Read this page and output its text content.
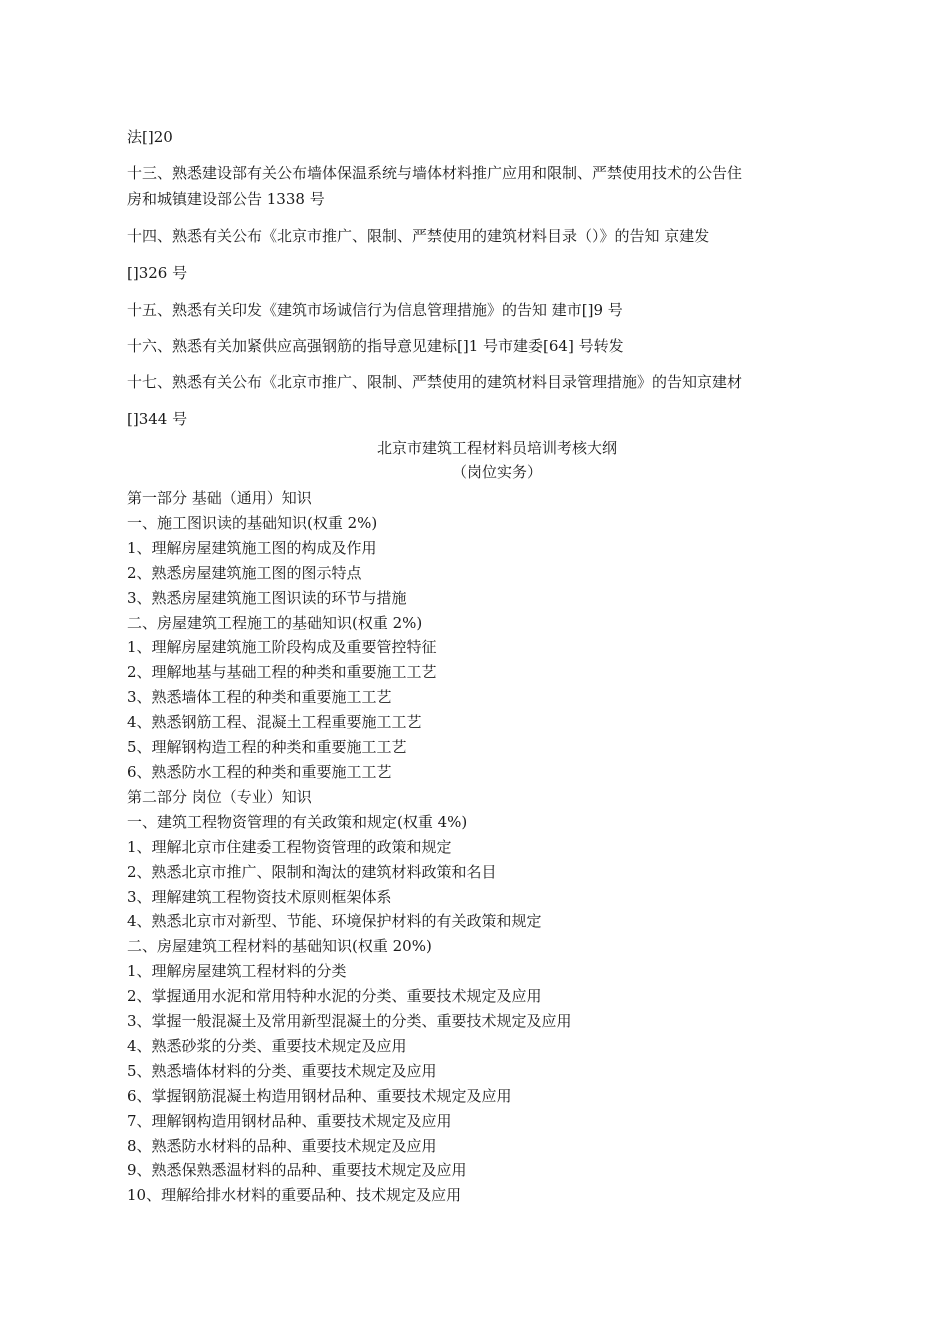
法[]20

十三、熟悉建设部有关公布墙体保温系统与墙体材料推广应用和限制、严禁使用技术的公告住

房和城镇建设部公告 1338 号

十四、熟悉有关公布《北京市推广、限制、严禁使用的建筑材料目录（）》的告知 京建发

[]326 号

十五、熟悉有关印发《建筑市场诚信行为信息管理措施》的告知 建市[]9 号

十六、熟悉有关加紧供应高强钢筋的指导意见建标[]1 号市建委[64] 号转发

十七、熟悉有关公布《北京市推广、限制、严禁使用的建筑材料目录管理措施》的告知京建材

[]344 号

北京市建筑工程材料员培训考核大纲

（岗位实务）

第一部分 基础（通用）知识

一、施工图识读的基础知识(权重 2%)

1、理解房屋建筑施工图的构成及作用

2、熟悉房屋建筑施工图的图示特点

3、熟悉房屋建筑施工图识读的环节与措施

二、房屋建筑工程施工的基础知识(权重 2%)

1、理解房屋建筑施工阶段构成及重要管控特征

2、理解地基与基础工程的种类和重要施工工艺

3、熟悉墙体工程的种类和重要施工工艺

4、熟悉钢筋工程、混凝土工程重要施工工艺

5、理解钢构造工程的种类和重要施工工艺

6、熟悉防水工程的种类和重要施工工艺

第二部分 岗位（专业）知识

一、建筑工程物资管理的有关政策和规定(权重 4%)

1、理解北京市住建委工程物资管理的政策和规定

2、熟悉北京市推广、限制和淘汰的建筑材料政策和名目

3、理解建筑工程物资技术原则框架体系

4、熟悉北京市对新型、节能、环境保护材料的有关政策和规定

二、房屋建筑工程材料的基础知识(权重 20%)

1、理解房屋建筑工程材料的分类

2、掌握通用水泥和常用特种水泥的分类、重要技术规定及应用

3、掌握一般混凝土及常用新型混凝土的分类、重要技术规定及应用

4、熟悉砂浆的分类、重要技术规定及应用

5、熟悉墙体材料的分类、重要技术规定及应用

6、掌握钢筋混凝土构造用钢材品种、重要技术规定及应用

7、理解钢构造用钢材品种、重要技术规定及应用

8、熟悉防水材料的品种、重要技术规定及应用

9、熟悉保熟悉温材料的品种、重要技术规定及应用

10、理解给排水材料的重要品种、技术规定及应用
